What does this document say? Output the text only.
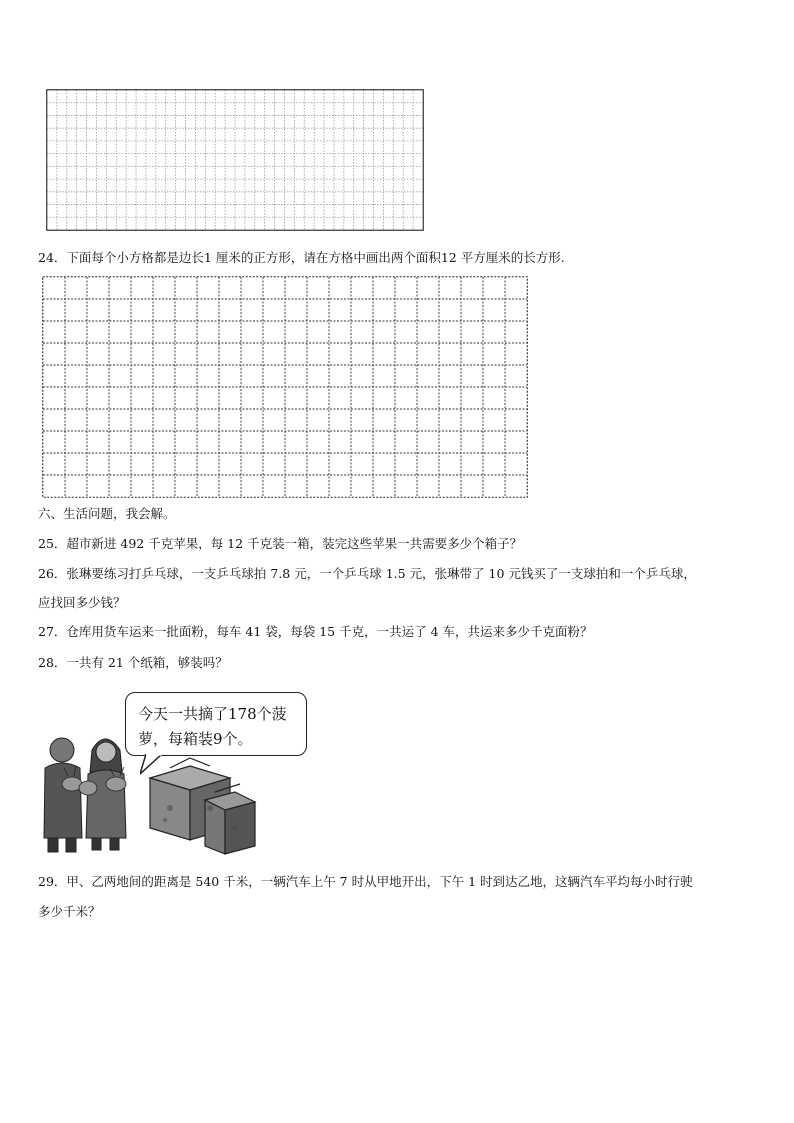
24．下面每个小方格都是边长1 厘米的正方形，请在方格中画出两个面积12 平方厘米的长方形.
六、生活问题，我会解。
25．超市新进 492 千克苹果，每 12 千克装一箱，装完这些苹果一共需要多少个箱子？
26．张琳要练习打乒乓球，一支乒乓球拍 7.8 元，一个乒乓球 1.5 元，张琳带了 10 元钱买了一支球拍和一个乒乓球，
应找回多少钱？
27．仓库用货车运来一批面粉，每车 41 袋，每袋 15 千克，一共运了 4 车，共运来多少千克面粉？
28．一共有 21 个纸箱，够装吗？
今天一共摘了178个菠萝，每箱装9个。
29．甲、乙两地间的距离是 540 千米，一辆汽车上午 7 时从甲地开出，下午 1 时到达乙地，这辆汽车平均每小时行驶
多少千米？
